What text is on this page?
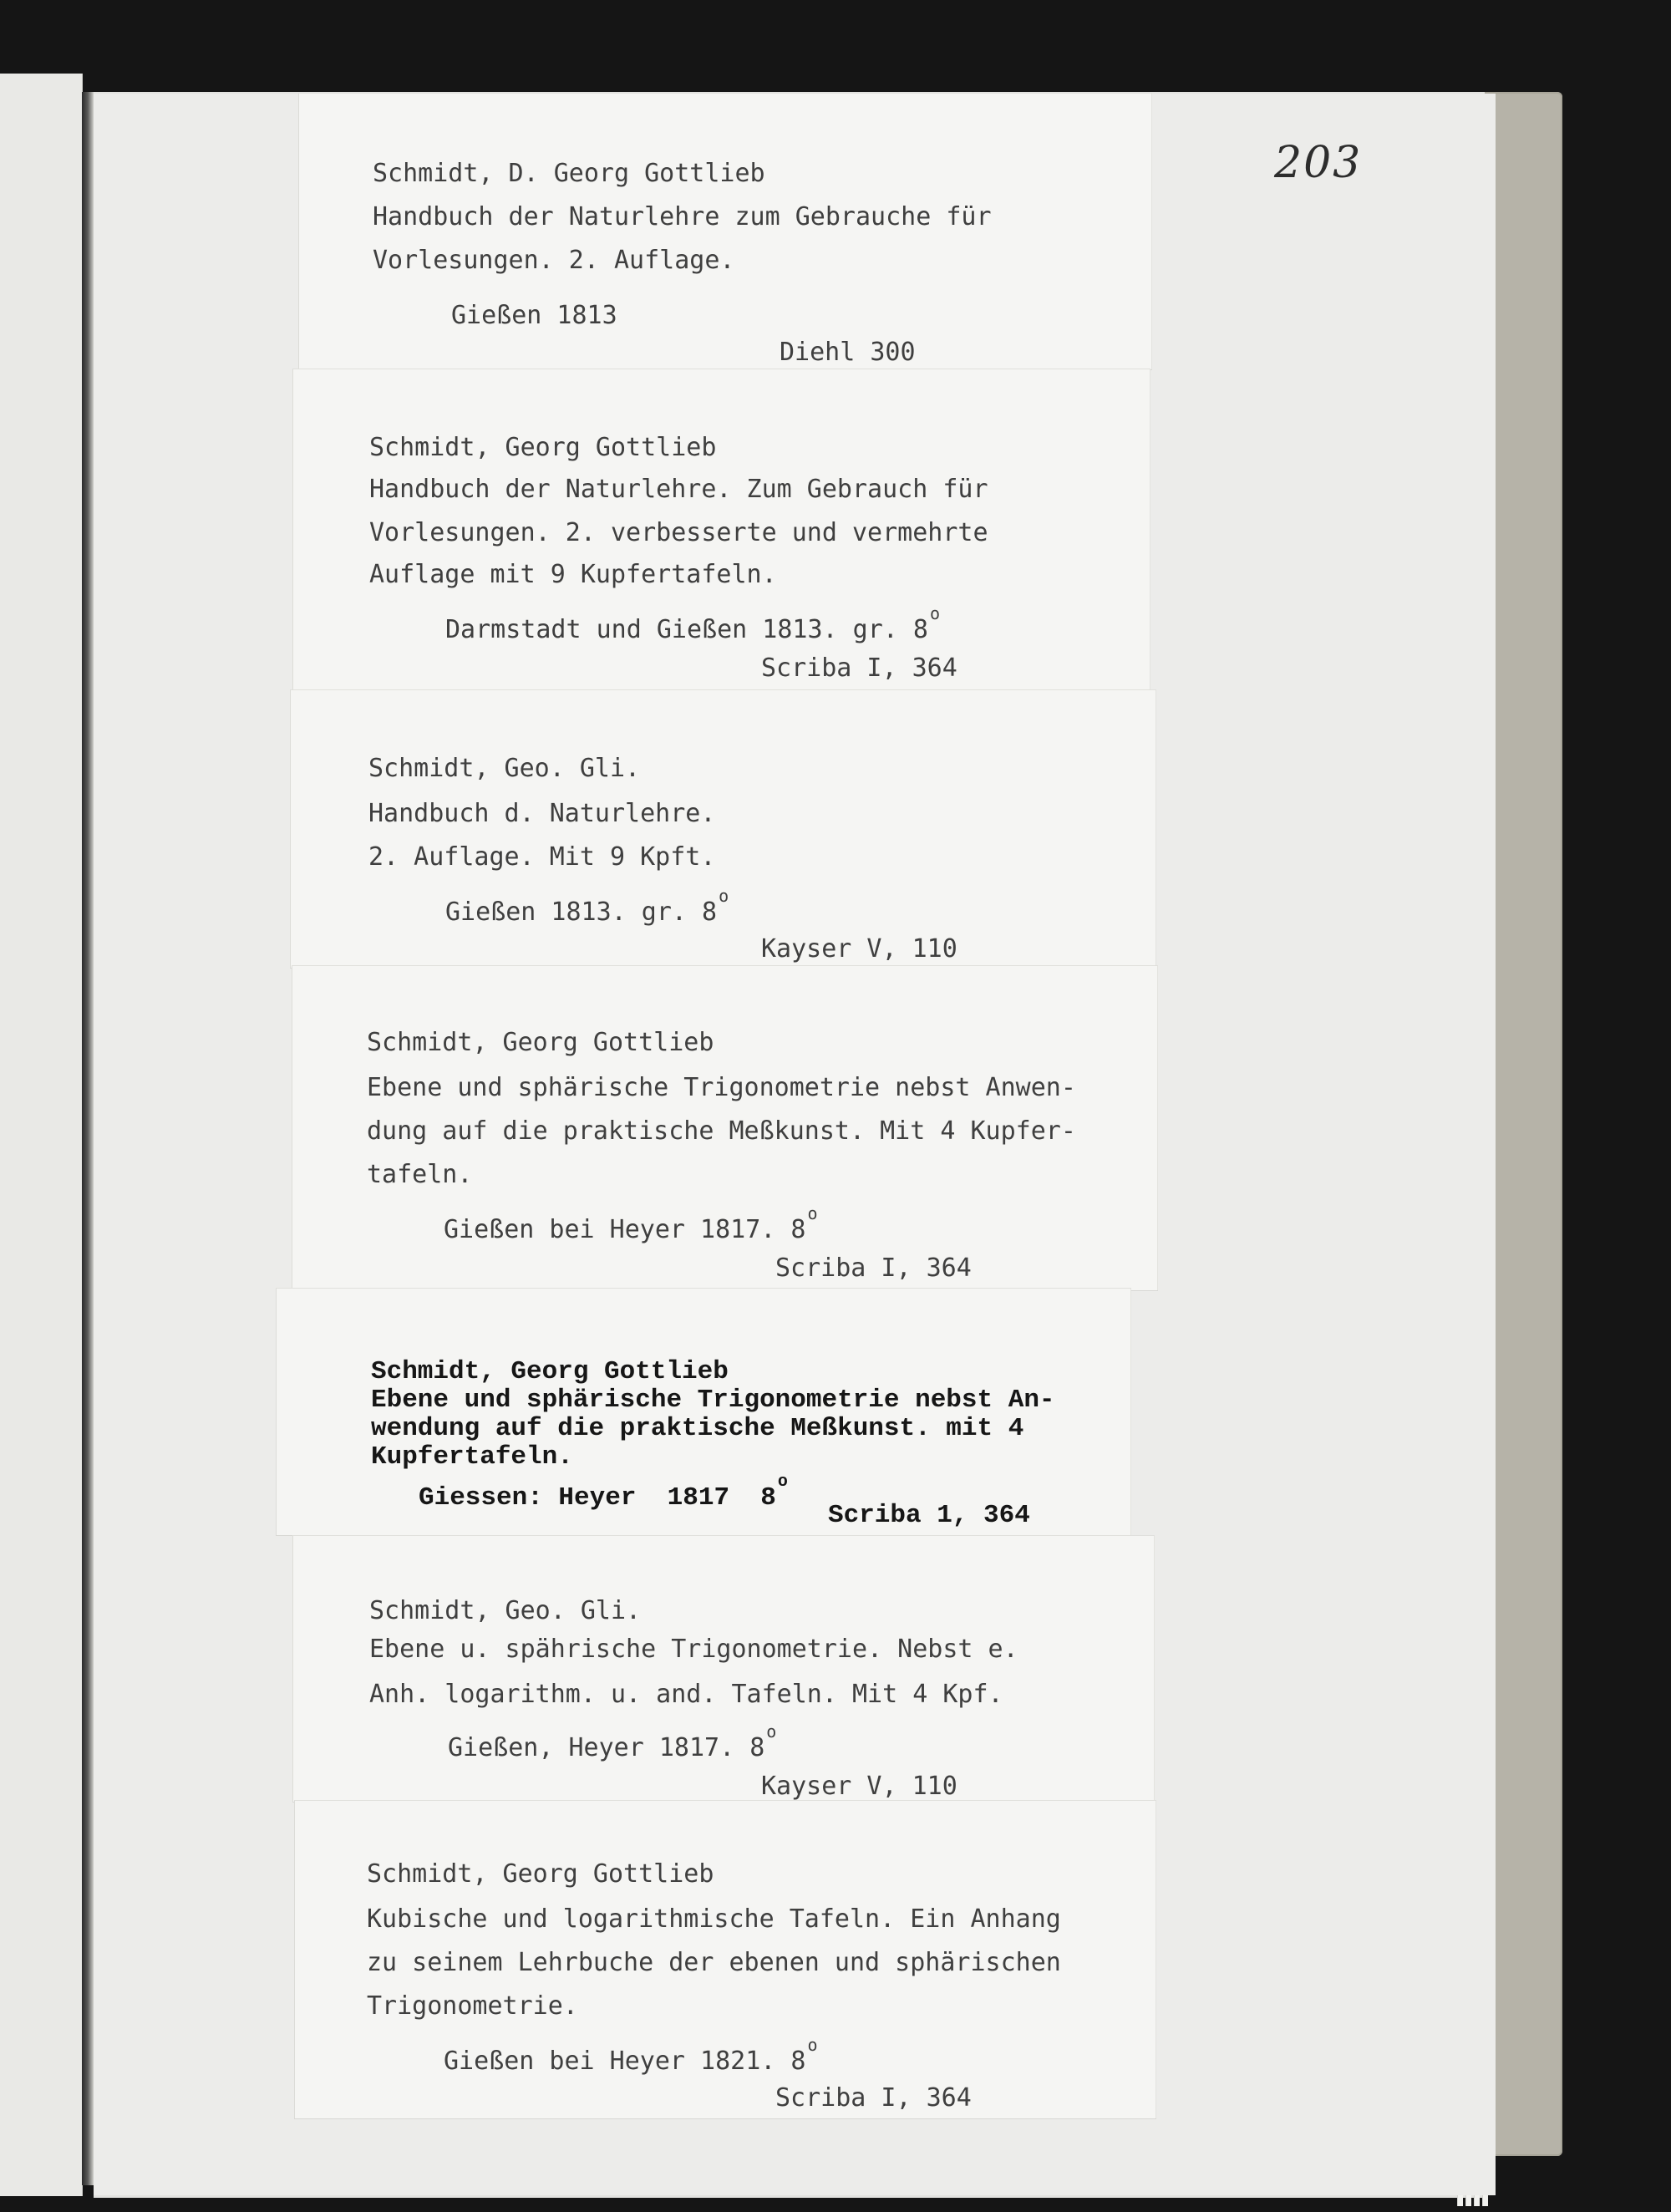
203
Schmidt, D. Georg Gottlieb
Handbuch der Naturlehre zum Gebrauche für
Vorlesungen. 2. Auflage.
Gießen 1813
Diehl 300
Schmidt, Georg Gottlieb
Handbuch der Naturlehre. Zum Gebrauch für
Vorlesungen. 2. verbesserte und vermehrte
Auflage mit 9 Kupfertafeln.
Darmstadt und Gießen 1813. gr. 8$^o$
Scriba I, 364
Schmidt, Geo. Gli.
Handbuch d. Naturlehre.
2. Auflage. Mit 9 Kpft.
Gießen 1813. gr. 8$^o$
Kayser V, 110
Schmidt, Georg Gottlieb
Ebene und sphärische Trigonometrie nebst Anwen-
dung auf die praktische Meßkunst. Mit 4 Kupfer-
tafeln.
Gießen bei Heyer 1817. 8$^o$
Scriba I, 364
Schmidt, Georg Gottlieb
Ebene und sphärische Trigonometrie nebst An-
wendung auf die praktische Meßkunst. mit 4
Kupfertafeln.
Giessen: Heyer  1817  8$^o$
Scriba 1, 364
Schmidt, Geo. Gli.
Ebene u. spährische Trigonometrie. Nebst e.
Anh. logarithm. u. and. Tafeln. Mit 4 Kpf.
Gießen, Heyer 1817. 8$^o$
Kayser V, 110
Schmidt, Georg Gottlieb
Kubische und logarithmische Tafeln. Ein Anhang
zu seinem Lehrbuche der ebenen und sphärischen
Trigonometrie.
Gießen bei Heyer 1821. 8$^o$
Scriba I, 364
